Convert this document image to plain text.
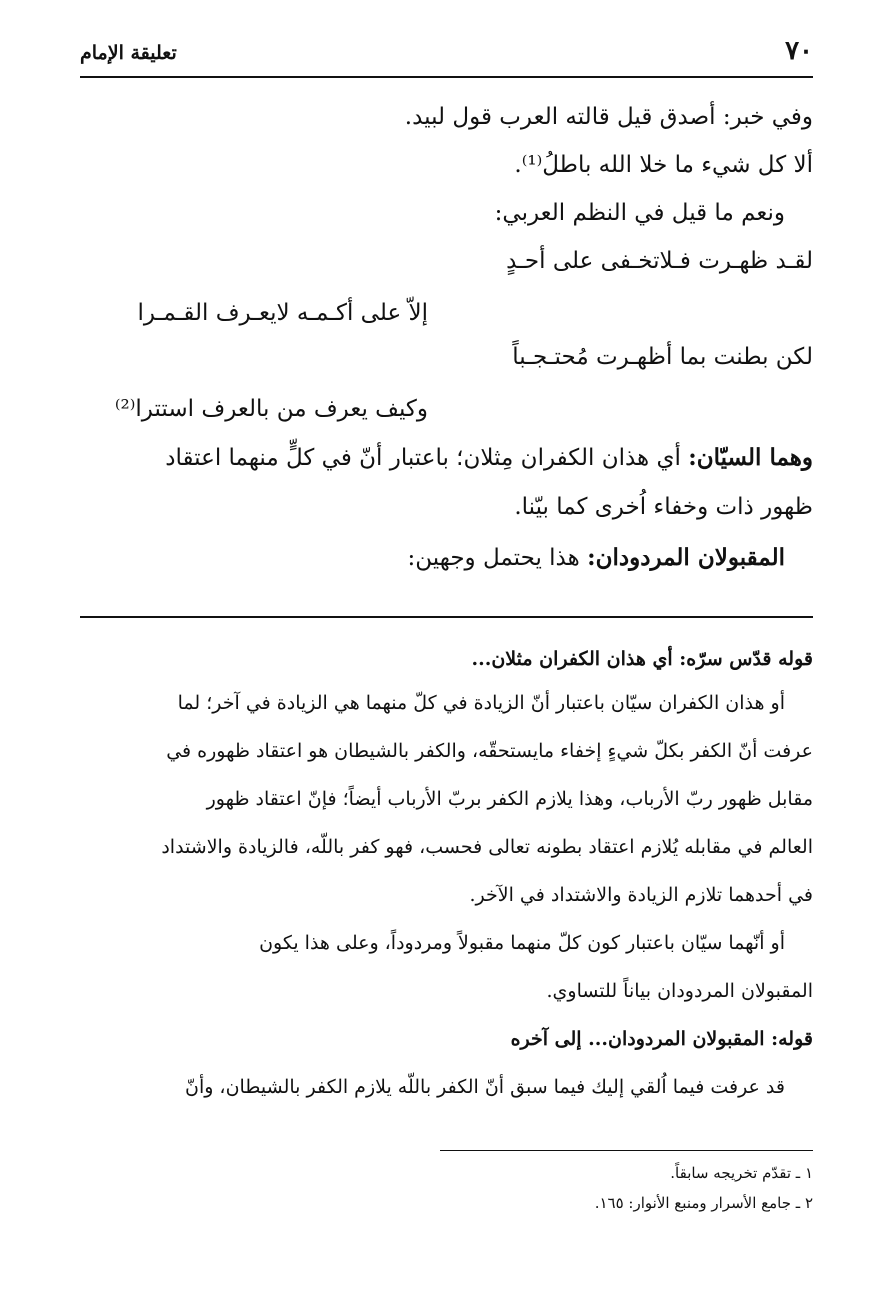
٧٠
تعليقة الإمام
وفي خبر: أصدق قيل قالته العرب قول لبيد.
ألا كل شيء ما خلا الله باطلُ⁽¹⁾.
ونعم ما قيل في النظم العربي:
لقـد ظهـرت فـلاتخـفى على أحـدٍ
إلاّ على أكـمـه لايعـرف القـمـرا
لكن بطنت بما أظهـرت مُحتـجـباً
وكيف يعرف من بالعرف استترا⁽²⁾
وهما السيّان: أي هذان الكفران مِثلان؛ باعتبار أنّ في كلٍّ منهما اعتقاد
ظهور ذات وخفاء اُخرى كما بيّنا.
المقبولان المردودان: هذا يحتمل وجهين:
قوله قدّس سرّه: أي هذان الكفران مثلان...
أو هذان الكفران سيّان باعتبار أنّ الزيادة في كلّ منهما هي الزيادة في آخر؛ لما
عرفت أنّ الكفر بكلّ شيءٍ إخفاء مايستحقّه، والكفر بالشيطان هو اعتقاد ظهوره في
مقابل ظهور ربّ الأرباب، وهذا يلازم الكفر بربّ الأرباب أيضاً؛ فإنّ اعتقاد ظهور
العالم في مقابله يُلازم اعتقاد بطونه تعالى فحسب، فهو كفر باللّه، فالزيادة والاشتداد
في أحدهما تلازم الزيادة والاشتداد في الآخر.
أو أنّهما سيّان باعتبار كون كلّ منهما مقبولاً ومردوداً، وعلى هذا يكون
المقبولان المردودان بياناً للتساوي.
قوله: المقبولان المردودان... إلى آخره
قد عرفت فيما اُلقي إليك فيما سبق أنّ الكفر باللّه يلازم الكفر بالشيطان، وأنّ
١ ـ تقدّم تخريجه سابقاً.
٢ ـ جامع الأسرار ومنبع الأنوار: ١٦٥.
